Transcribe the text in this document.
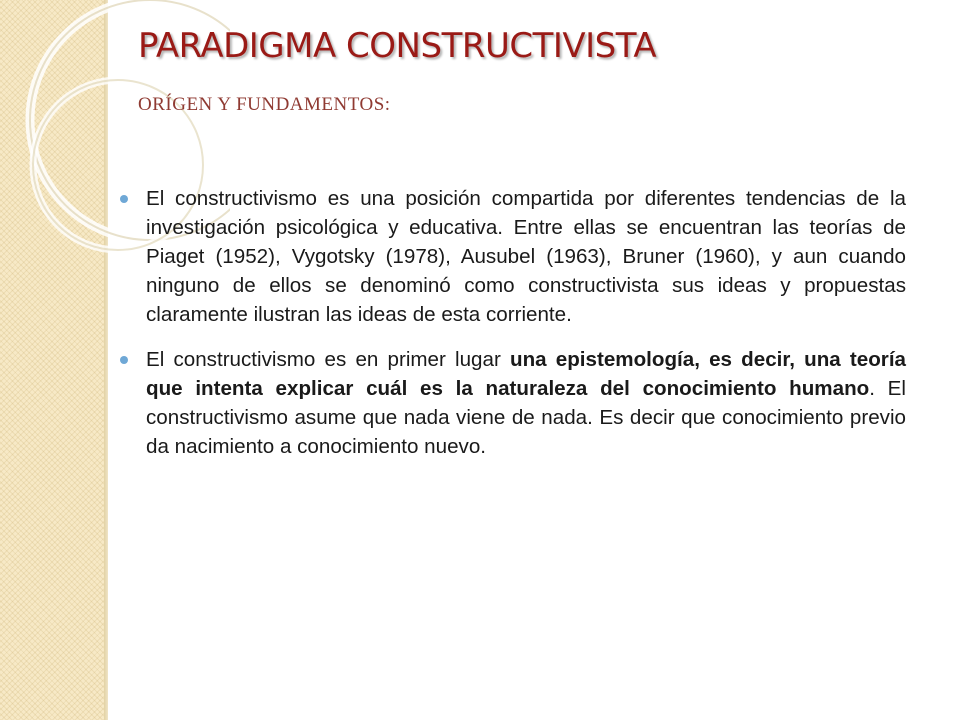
PARADIGMA CONSTRUCTIVISTA
ORÍGEN Y FUNDAMENTOS:
El constructivismo es una posición compartida por diferentes tendencias de la investigación psicológica y educativa. Entre ellas se encuentran las teorías de Piaget (1952), Vygotsky (1978), Ausubel (1963), Bruner (1960), y aun cuando ninguno de ellos se denominó como constructivista sus ideas y propuestas claramente ilustran las ideas de esta corriente.
El constructivismo es en primer lugar una epistemología, es decir, una teoría que intenta explicar cuál es la naturaleza del conocimiento humano. El constructivismo asume que nada viene de nada. Es decir que conocimiento previo da nacimiento a conocimiento nuevo.
